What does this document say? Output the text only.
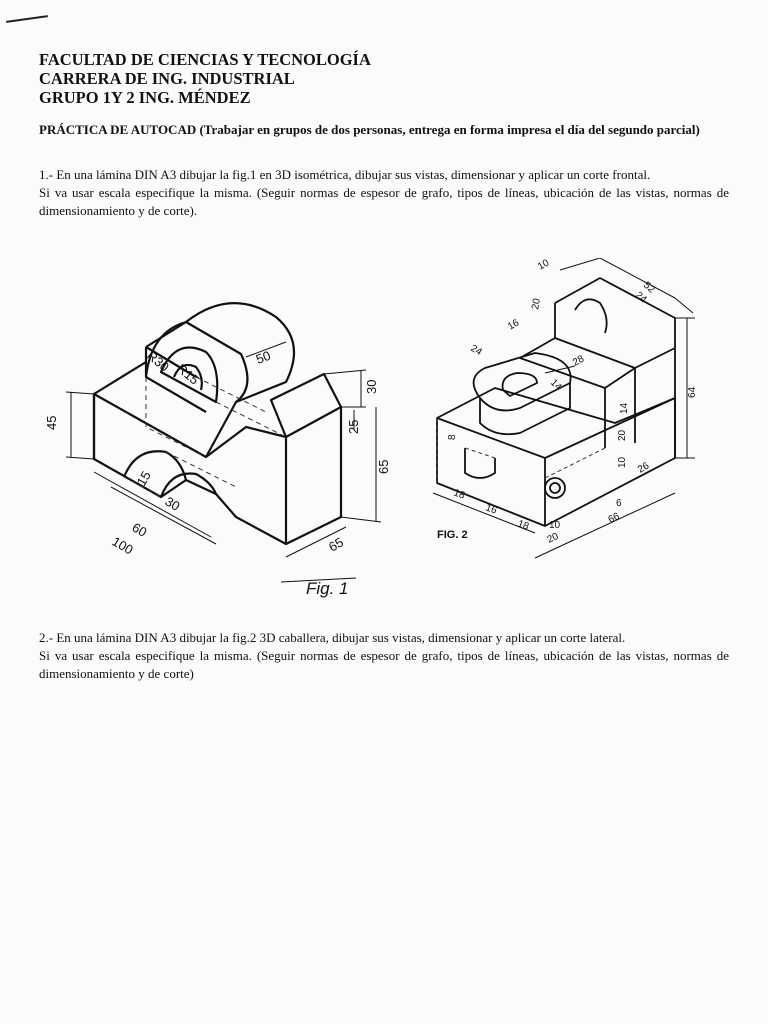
FACULTAD DE CIENCIAS Y TECNOLOGÍA
CARRERA DE ING. INDUSTRIAL
GRUPO 1Y 2 ING. MÉNDEZ
PRÁCTICA DE AUTOCAD (Trabajar en grupos de dos personas, entrega en forma impresa el día del segundo parcial)
1.- En una lámina DIN A3 dibujar la fig.1 en 3D isométrica, dibujar sus vistas, dimensionar y aplicar un corte frontal.
Si va usar escala especifique la misma. (Seguir normas de espesor de grafo, tipos de líneas, ubicación de las vistas, normas de dimensionamiento y de corte).
45
30
25
65
65
50
R30 R15
15
30
60
100
Fig. 1
10
52
24
20
16
24
28
14	64
14
20
10 26
8
18
16
18 10
20
66
6
FIG. 2
2.- En una lámina DIN A3 dibujar la fig.2 3D caballera, dibujar sus vistas, dimensionar y aplicar un corte lateral.
Si va usar escala especifique la misma. (Seguir normas de espesor de grafo, tipos de líneas, ubicación de las vistas, normas de dimensionamiento y de corte)
